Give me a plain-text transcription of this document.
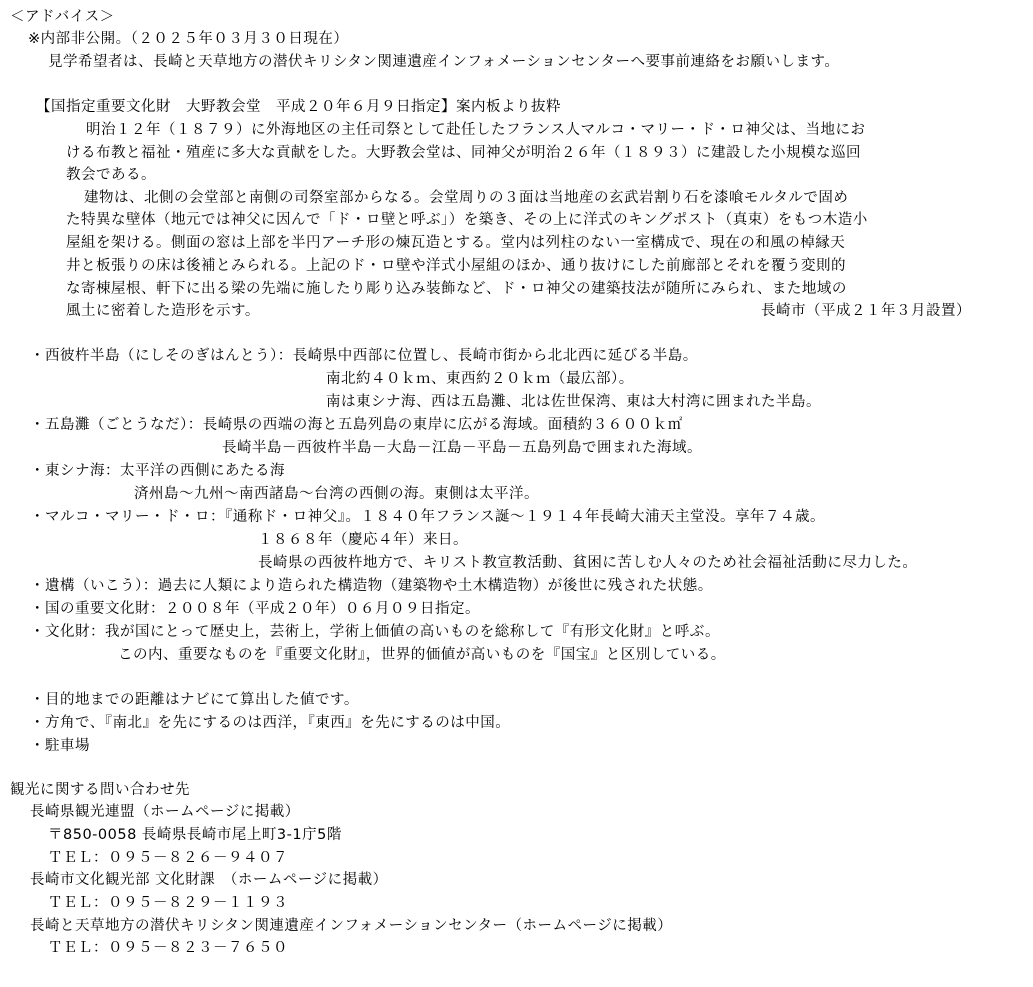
＜アドバイス＞
※内部非公開。（２０２５年０３月３０日現在）
見学希望者は、長崎と天草地方の潜伏キリシタン関連遺産インフォメーションセンターへ要事前連絡をお願いします。
【国指定重要文化財　大野教会堂　平成２０年６月９日指定】案内板より抜粋
明治１２年（１８７９）に外海地区の主任司祭として赴任したフランス人マルコ・マリー・ド・ロ神父は、当地にお
ける布教と福祉・殖産に多大な貢献をした。大野教会堂は、同神父が明治２６年（１８９３）に建設した小規模な巡回
教会である。
建物は、北側の会堂部と南側の司祭室部からなる。会堂周りの３面は当地産の玄武岩割り石を漆喰モルタルで固め
た特異な壁体（地元では神父に因んで「ド・ロ壁と呼ぶ」）を築き、その上に洋式のキングポスト（真束）をもつ木造小
屋組を架ける。側面の窓は上部を半円アーチ形の煉瓦造とする。堂内は列柱のない一室構成で、現在の和風の棹縁天
井と板張りの床は後補とみられる。上記のド・ロ壁や洋式小屋組のほか、通り抜けにした前廊部とそれを覆う変則的
な寄棟屋根、軒下に出る梁の先端に施したり彫り込み装飾など、ド・ロ神父の建築技法が随所にみられ、また地域の
風土に密着した造形を示す。	長崎市（平成２１年３月設置）
・西彼杵半島（にしそのぎはんとう）：長崎県中西部に位置し、長崎市街から北北西に延びる半島。
南北約４０ｋｍ、東西約２０ｋｍ（最広部）。
南は東シナ海、西は五島灘、北は佐世保湾、東は大村湾に囲まれた半島。
・五島灘（ごとうなだ）：長崎県の西端の海と五島列島の東岸に広がる海域。面積約３６００ｋ㎡
長崎半島－西彼杵半島－大島－江島－平島－五島列島で囲まれた海域。
・東シナ海：太平洋の西側にあたる海
済州島～九州～南西諸島～台湾の西側の海。東側は太平洋。
・マルコ・マリー・ド・ロ：『通称ド・ロ神父』。１８４０年フランス誕～１９１４年長崎大浦天主堂没。享年７４歳。
１８６８年（慶応４年）来日。
長崎県の西彼杵地方で、キリスト教宣教活動、貧困に苦しむ人々のため社会福祉活動に尽力した。
・遺構（いこう）：過去に人類により造られた構造物（建築物や土木構造物）が後世に残された状態。
・国の重要文化財：２００８年（平成２０年）０６月０９日指定。
・文化財：我が国にとって歴史上，芸術上，学術上価値の高いものを総称して『有形文化財』と呼ぶ。
この内、重要なものを『重要文化財』，世界的価値が高いものを『国宝』と区別している。
・目的地までの距離はナビにて算出した値です。
・方角で、『南北』を先にするのは西洋，『東西』を先にするのは中国。
・駐車場
観光に関する問い合わせ先
長崎県観光連盟（ホームページに掲載）
〒850-0058 長崎県長崎市尾上町3-1庁5階
ＴＥＬ：０９５－８２６－９４０７
長崎市文化観光部 文化財課　（ホームページに掲載）
ＴＥＬ：０９５－８２９－１１９３
長崎と天草地方の潜伏キリシタン関連遺産インフォメーションセンター（ホームページに掲載）
ＴＥＬ：０９５－８２３－７６５０
